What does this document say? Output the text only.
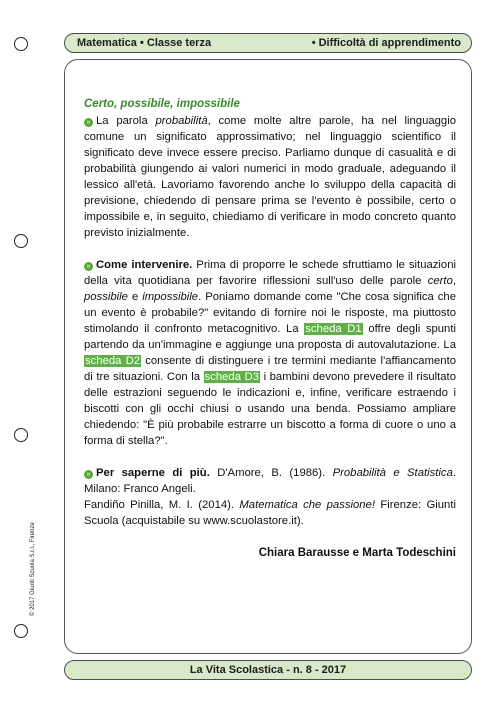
Matematica • Classe terza	• Difficoltà di apprendimento
Certo, possibile, impossibile

» La parola probabilità, come molte altre parole, ha nel linguaggio comune un significato approssimativo; nel linguaggio scientifico il significato deve invece essere preciso. Parliamo dunque di casualità e di probabilità giungendo ai valori numerici in modo graduale, adeguando il lessico all'età. Lavoriamo favorendo anche lo sviluppo della capacità di previsione, chiedendo di pensare prima se l'evento è possibile, certo o impossibile e, in seguito, chiediamo di verificare in modo concreto quanto previsto inizialmente.

» Come intervenire. Prima di proporre le schede sfruttiamo le situazioni della vita quotidiana per favorire riflessioni sull'uso delle parole certo, possibile e impossibile. Poniamo domande come "Che cosa significa che un evento è probabile?" evitando di fornire noi le risposte, ma piuttosto stimolando il confronto metacognitivo. La scheda D1 offre degli spunti partendo da un'immagine e aggiunge una proposta di autovalutazione. La scheda D2 consente di distinguere i tre termini mediante l'affiancamento di tre situazioni. Con la scheda D3 i bambini devono prevedere il risultato delle estrazioni seguendo le indicazioni e, infine, verificare estraendo i biscotti con gli occhi chiusi o usando una benda. Possiamo ampliare chiedendo: "È più probabile estrarre un biscotto a forma di cuore o uno a forma di stella?".

» Per saperne di più. D'Amore, B. (1986). Probabilità e Statistica. Milano: Franco Angeli.

Fandiño Pinilla, M. I. (2014). Matematica che passione! Firenze: Giunti Scuola (acquistabile su www.scuolastore.it).

Chiara Barausse e Marta Todeschini
© 2017 Giunti Scuola S.r.l., Firenze
La Vita Scolastica - n. 8 - 2017
